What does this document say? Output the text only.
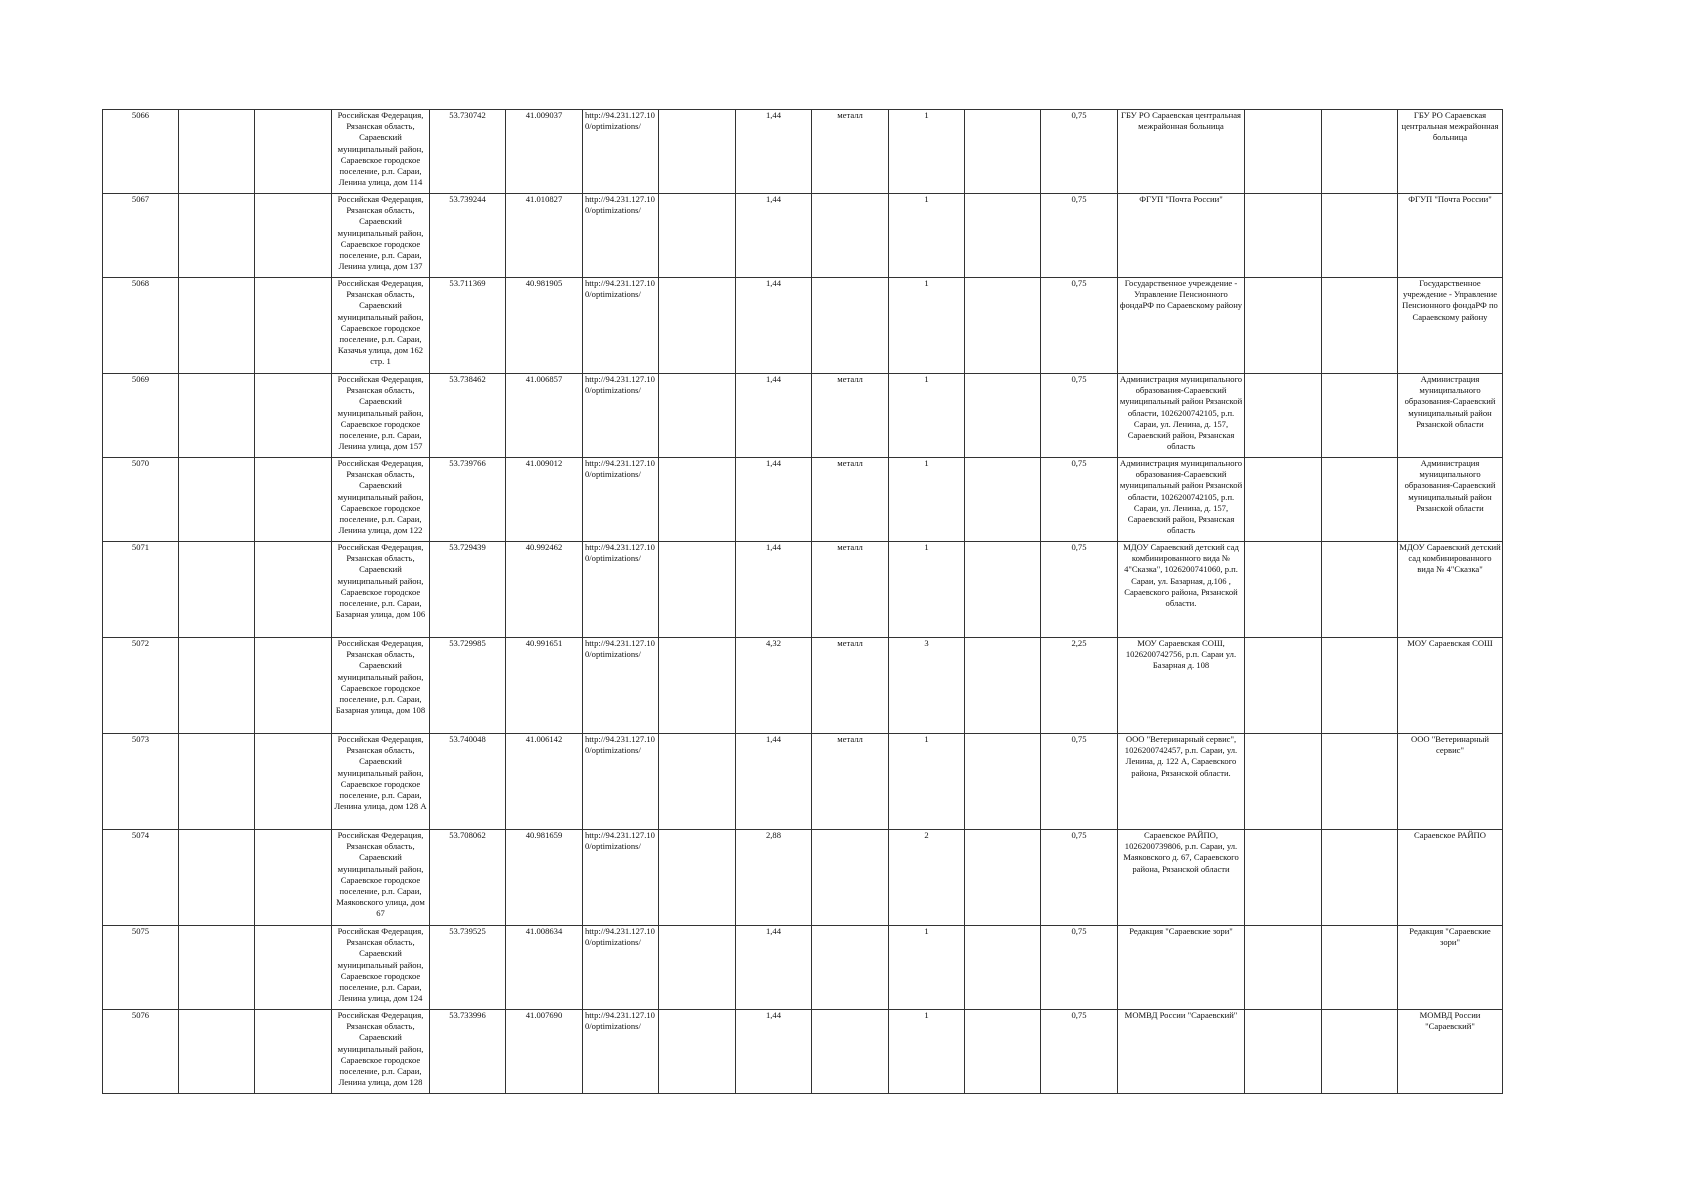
5066			Российская Федерация, Рязанская область, Сараевский муниципальный район, Сараевское городское поселение, р.п. Сараи, Ленина улица, дом 114	53.730742	41.009037	http://94.231.127.10 0/optimizations/		1,44	металл	1		0,75	ГБУ РО Сараевская центральная межрайонная больница			ГБУ РО Сараевская центральная межрайонная больница
5067			Российская Федерация, Рязанская область, Сараевский муниципальный район, Сараевское городское поселение, р.п. Сараи, Ленина улица, дом 137	53.739244	41.010827	http://94.231.127.10 0/optimizations/		1,44		1		0,75	ФГУП "Почта России"			ФГУП "Почта России"
5068			Российская Федерация, Рязанская область, Сараевский муниципальный район, Сараевское городское поселение, р.п. Сараи, Казачья улица, дом 162 стр. 1	53.711369	40.981905	http://94.231.127.10 0/optimizations/		1,44		1		0,75	Государственное учреждение - Управление Пенсионного фондаРФ по Сараевскому району			Государственное учреждение - Управление Пенсионного фондаРФ по Сараевскому району
5069			Российская Федерация, Рязанская область, Сараевский муниципальный район, Сараевское городское поселение, р.п. Сараи, Ленина улица, дом 157	53.738462	41.006857	http://94.231.127.10 0/optimizations/		1,44	металл	1		0,75	Администрация муниципального образования-Сараевский муниципальный район Рязанской области, 1026200742105, р.п. Сараи, ул. Ленина, д. 157, Сараевский район, Рязанская область			Администрация муниципального образования-Сараевский муниципальный район Рязанской области
5070			Российская Федерация, Рязанская область, Сараевский муниципальный район, Сараевское городское поселение, р.п. Сараи, Ленина улица, дом 122	53.739766	41.009012	http://94.231.127.10 0/optimizations/		1,44	металл	1		0,75	Администрация муниципального образования-Сараевский муниципальный район Рязанской области, 1026200742105, р.п. Сараи, ул. Ленина, д. 157, Сараевский район, Рязанская область			Администрация муниципального образования-Сараевский муниципальный район Рязанской области
5071			Российская Федерация, Рязанская область, Сараевский муниципальный район, Сараевское городское поселение, р.п. Сараи, Базарная улица, дом 106	53.729439	40.992462	http://94.231.127.10 0/optimizations/		1,44	металл	1		0,75	МДОУ Сараевский детский сад комбинированного вида № 4"Сказка", 1026200741060, р.п. Сараи, ул. Базарная, д.106 , Сараевского района, Рязанской области.			МДОУ Сараевский детский сад комбинированного вида № 4"Сказка"
5072			Российская Федерация, Рязанская область, Сараевский муниципальный район, Сараевское городское поселение, р.п. Сараи, Базарная улица, дом 108	53.729985	40.991651	http://94.231.127.10 0/optimizations/		4,32	металл	3		2,25	МОУ Сараевская СОШ, 1026200742756, р.п. Сараи ул. Базарная д. 108			МОУ Сараевская СОШ
5073			Российская Федерация, Рязанская область, Сараевский муниципальный район, Сараевское городское поселение, р.п. Сараи, Ленина улица, дом 128 А	53.740048	41.006142	http://94.231.127.10 0/optimizations/		1,44	металл	1		0,75	ООО "Ветеринарный сервис", 1026200742457, р.п. Сараи, ул. Ленина, д. 122 А, Сараевского района, Рязанской области.			ООО "Ветеринарный сервис"
5074			Российская Федерация, Рязанская область, Сараевский муниципальный район, Сараевское городское поселение, р.п. Сараи, Маяковского улица, дом 67	53.708062	40.981659	http://94.231.127.10 0/optimizations/		2,88		2		0,75	Сараевское РАЙПО, 1026200739806, р.п. Сараи, ул. Маяковского д. 67, Сараевского района, Рязанской области			Сараевское РАЙПО
5075			Российская Федерация, Рязанская область, Сараевский муниципальный район, Сараевское городское поселение, р.п. Сараи, Ленина улица, дом 124	53.739525	41.008634	http://94.231.127.10 0/optimizations/		1,44		1		0,75	Редакция "Сараевские зори"			Редакция "Сараевские зори"
5076			Российская Федерация, Рязанская область, Сараевский муниципальный район, Сараевское городское поселение, р.п. Сараи, Ленина улица, дом 128	53.733996	41.007690	http://94.231.127.10 0/optimizations/		1,44		1		0,75	МОМВД России "Сараевский"			МОМВД России "Сараевский"
